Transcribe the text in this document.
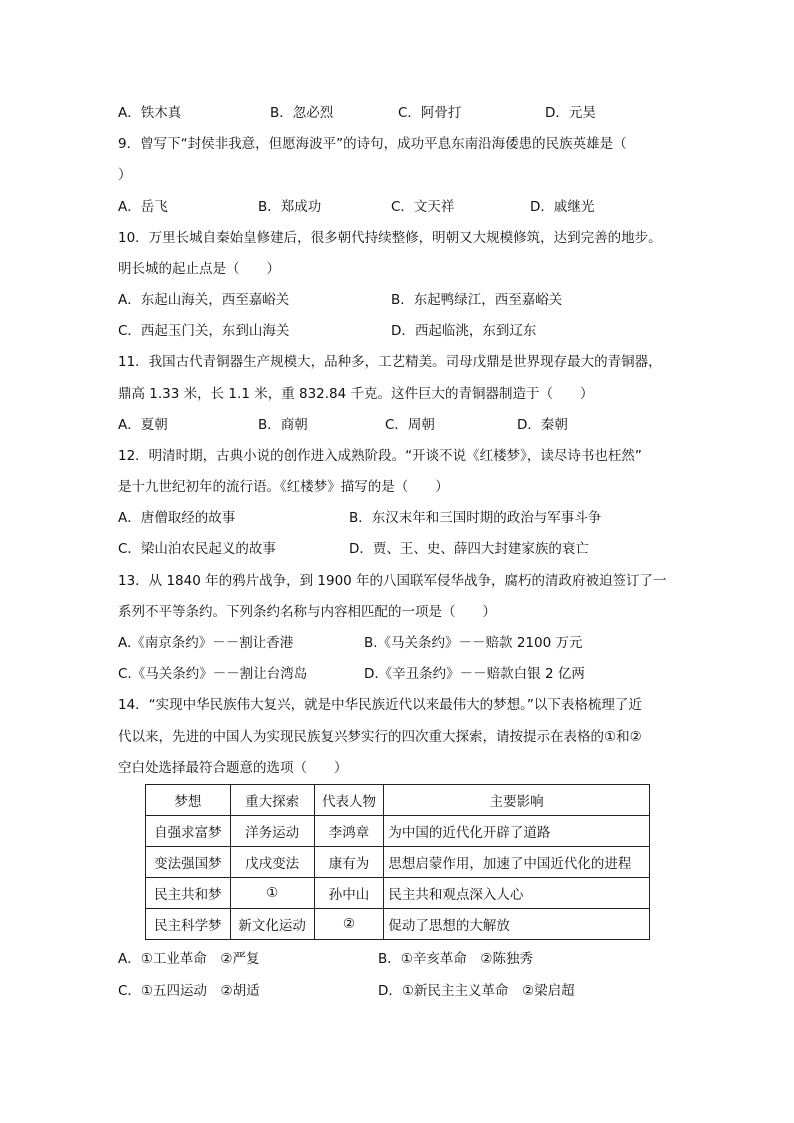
A．铁木真	B．忽必烈	C．阿骨打	D．元昊
9．曾写下“封侯非我意，但愿海波平”的诗句，成功平息东南沿海倭患的民族英雄是（
）
A．岳飞	B．郑成功	C．文天祥	D．戚继光
10．万里长城自秦始皇修建后，很多朝代持续整修，明朝又大规模修筑，达到完善的地步。
明长城的起止点是（　　）
A．东起山海关，西至嘉峪关	B．东起鸭绿江，西至嘉峪关
C．西起玉门关，东到山海关	D．西起临洮，东到辽东
11．我国古代青铜器生产规模大，品种多，工艺精美。司母戊鼎是世界现存最大的青铜器，
鼎高 1.33 米，长 1.1 米，重 832.84 千克。这件巨大的青铜器制造于（　　）
A．夏朝	B．商朝	C．周朝	D．秦朝
12．明清时期，古典小说的创作进入成熟阶段。“开谈不说《红楼梦》，读尽诗书也枉然”
是十九世纪初年的流行语。《红楼梦》描写的是（　　）
A．唐僧取经的故事	B．东汉末年和三国时期的政治与军事斗争
C．梁山泊农民起义的故事	D．贾、王、史、薛四大封建家族的衰亡
13．从 1840 年的鸦片战争，到 1900 年的八国联军侵华战争，腐朽的清政府被迫签订了一
系列不平等条约。下列条约名称与内容相匹配的一项是（　　）
A.《南京条约》－－割让香港	B.《马关条约》－－赔款 2100 万元
C.《马关条约》－－割让台湾岛	D.《辛丑条约》－－赔款白银 2 亿两
14．“实现中华民族伟大复兴，就是中华民族近代以来最伟大的梦想。”以下表格梳理了近
代以来，先进的中国人为实现民族复兴梦实行的四次重大探索，请按提示在表格的①和②
空白处选择最符合题意的选项（　　）
梦想	重大探索	代表人物	主要影响
自强求富梦	洋务运动	李鸿章	为中国的近代化开辟了道路
变法强国梦	戊戌变法	康有为	思想启蒙作用，加速了中国近代化的进程
民主共和梦	①	孙中山	民主共和观点深入人心
民主科学梦	新文化运动	②	促动了思想的大解放
A．①工业革命　②严复	B．①辛亥革命　②陈独秀
C．①五四运动　②胡适	D．①新民主主义革命　②梁启超
